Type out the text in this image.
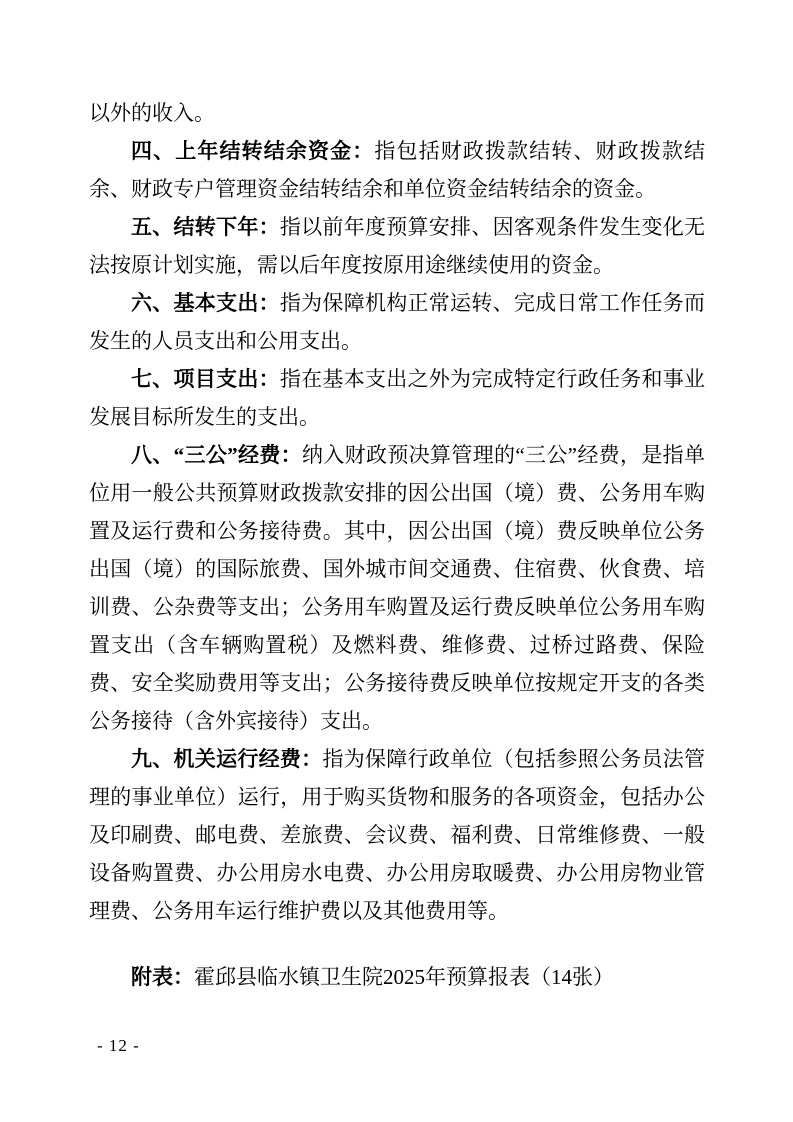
以外的收入。

四、上年结转结余资金：指包括财政拨款结转、财政拨款结余、财政专户管理资金结转结余和单位资金结转结余的资金。

五、结转下年：指以前年度预算安排、因客观条件发生变化无法按原计划实施，需以后年度按原用途继续使用的资金。

六、基本支出：指为保障机构正常运转、完成日常工作任务而发生的人员支出和公用支出。

七、项目支出：指在基本支出之外为完成特定行政任务和事业发展目标所发生的支出。

八、“三公”经费：纳入财政预决算管理的“三公”经费，是指单位用一般公共预算财政拨款安排的因公出国（境）费、公务用车购置及运行费和公务接待费。其中，因公出国（境）费反映单位公务出国（境）的国际旅费、国外城市间交通费、住宿费、伙食费、培训费、公杂费等支出；公务用车购置及运行费反映单位公务用车购置支出（含车辆购置税）及燃料费、维修费、过桥过路费、保险费、安全奖励费用等支出；公务接待费反映单位按规定开支的各类公务接待（含外宾接待）支出。

九、机关运行经费：指为保障行政单位（包括参照公务员法管理的事业单位）运行，用于购买货物和服务的各项资金，包括办公及印刷费、邮电费、差旅费、会议费、福利费、日常维修费、一般设备购置费、办公用房水电费、办公用房取暖费、办公用房物业管理费、公务用车运行维护费以及其他费用等。

附表：霍邱县临水镇卫生院2025年预算报表（14张）

- 12 -
